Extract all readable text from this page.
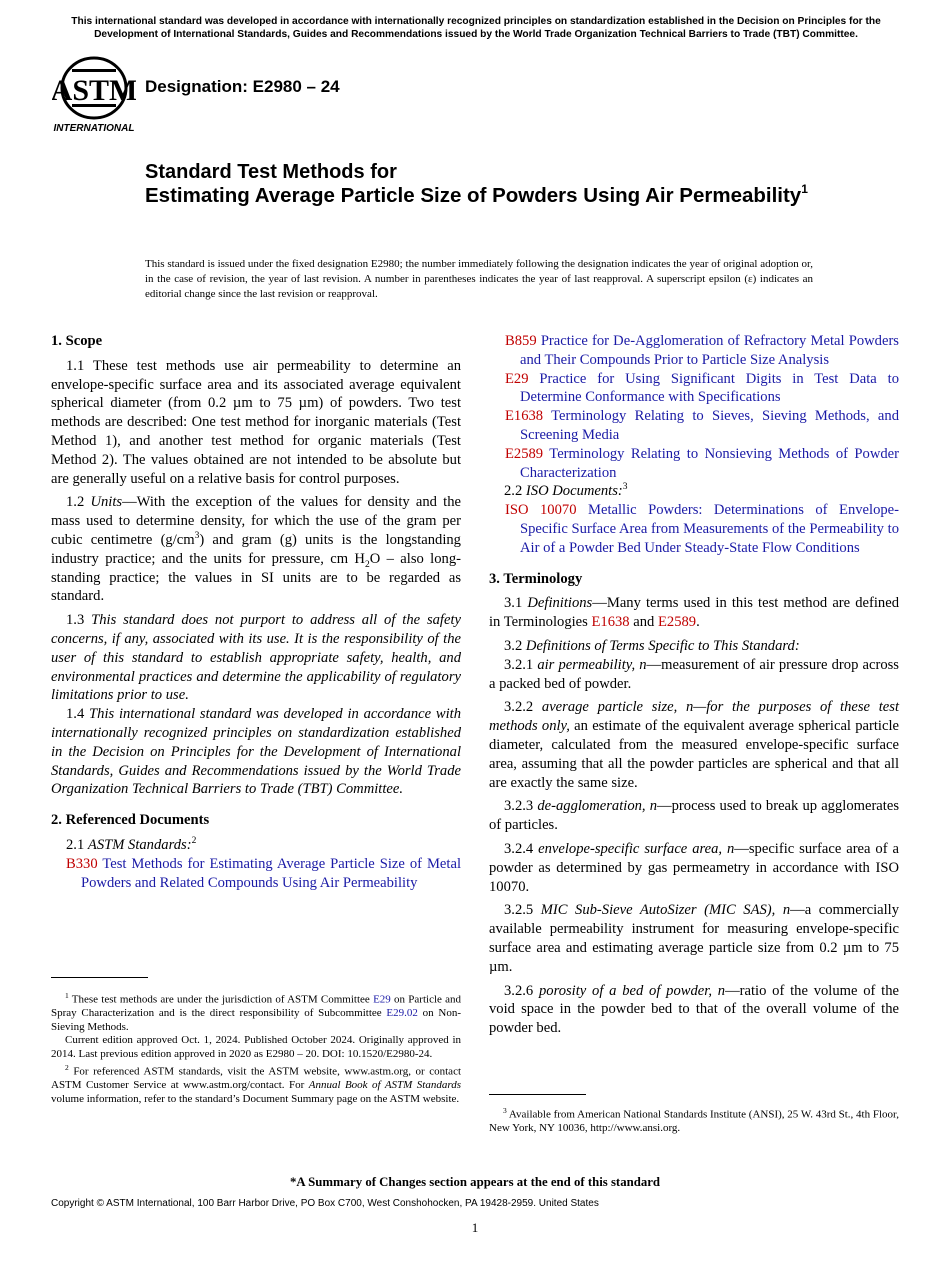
This international standard was developed in accordance with internationally recognized principles on standardization established in the Decision on Principles for the Development of International Standards, Guides and Recommendations issued by the World Trade Organization Technical Barriers to Trade (TBT) Committee.
ASTM
INTERNATIONAL
Designation: E2980 – 24
Standard Test Methods for
Estimating Average Particle Size of Powders Using Air Permeability$^1$
This standard is issued under the fixed designation E2980; the number immediately following the designation indicates the year of original adoption or, in the case of revision, the year of last revision. A number in parentheses indicates the year of last reapproval. A superscript epsilon (ε) indicates an editorial change since the last revision or reapproval.

1. Scope

1.1 These test methods use air permeability to determine an envelope-specific surface area and its associated average equivalent spherical diameter (from 0.2 µm to 75 µm) of powders. Two test methods are described: One test method for inorganic materials (Test Method 1), and another test method for organic materials (Test Method 2). The values obtained are not intended to be absolute but are generally useful on a relative basis for control purposes.

1.2 Units—With the exception of the values for density and the mass used to determine density, for which the use of the gram per cubic centimetre $(g/cm^3)$ and gram (g) units is the longstanding industry practice; and the units for pressure, cm $H_2O$ – also long-standing practice; the values in SI units are to be regarded as standard.

1.3 This standard does not purport to address all of the safety concerns, if any, associated with its use. It is the responsibility of the user of this standard to establish appropriate safety, health, and environmental practices and determine the applicability of regulatory limitations prior to use.

1.4 This international standard was developed in accordance with internationally recognized principles on standardization established in the Decision on Principles for the Development of International Standards, Guides and Recommendations issued by the World Trade Organization Technical Barriers to Trade (TBT) Committee.

2. Referenced Documents

2.1 ASTM Standards:$^2$

B330 Test Methods for Estimating Average Particle Size of Metal Powders and Related Compounds Using Air Permeability

$^1$ These test methods are under the jurisdiction of ASTM Committee E29 on Particle and Spray Characterization and is the direct responsibility of Subcommittee E29.02 on Non-Sieving Methods.

Current edition approved Oct. 1, 2024. Published October 2024. Originally approved in 2014. Last previous edition approved in 2020 as E2980 – 20. DOI: 10.1520/E2980-24.

$^2$ For referenced ASTM standards, visit the ASTM website, www.astm.org, or contact ASTM Customer Service at www.astm.org/contact. For Annual Book of ASTM Standards volume information, refer to the standard’s Document Summary page on the ASTM website.

B859 Practice for De-Agglomeration of Refractory Metal Powders and Their Compounds Prior to Particle Size Analysis

E29 Practice for Using Significant Digits in Test Data to Determine Conformance with Specifications

E1638 Terminology Relating to Sieves, Sieving Methods, and Screening Media

E2589 Terminology Relating to Nonsieving Methods of Powder Characterization

2.2 ISO Documents:$^3$

ISO 10070 Metallic Powders: Determinations of Envelope-Specific Surface Area from Measurements of the Permeability to Air of a Powder Bed Under Steady-State Flow Conditions

3. Terminology

3.1 Definitions—Many terms used in this test method are defined in Terminologies E1638 and E2589.

3.2 Definitions of Terms Specific to This Standard:

3.2.1 air permeability, n—measurement of air pressure drop across a packed bed of powder.

3.2.2 average particle size, n—for the purposes of these test methods only, an estimate of the equivalent average spherical particle diameter, calculated from the measured envelope-specific surface area, assuming that all the powder particles are spherical and that all are exactly the same size.

3.2.3 de-agglomeration, n—process used to break up agglomerates of particles.

3.2.4 envelope-specific surface area, n—specific surface area of a powder as determined by gas permeametry in accordance with ISO 10070.

3.2.5 MIC Sub-Sieve AutoSizer (MIC SAS), n—a commercially available permeability instrument for measuring envelope-specific surface area and estimating average particle size from 0.2 µm to 75 µm.

3.2.6 porosity of a bed of powder, n—ratio of the volume of the void space in the powder bed to that of the overall volume of the powder bed.

$^3$ Available from American National Standards Institute (ANSI), 25 W. 43rd St., 4th Floor, New York, NY 10036, http://www.ansi.org.

*A Summary of Changes section appears at the end of this standard
Copyright © ASTM International, 100 Barr Harbor Drive, PO Box C700, West Conshohocken, PA 19428-2959. United States
1
